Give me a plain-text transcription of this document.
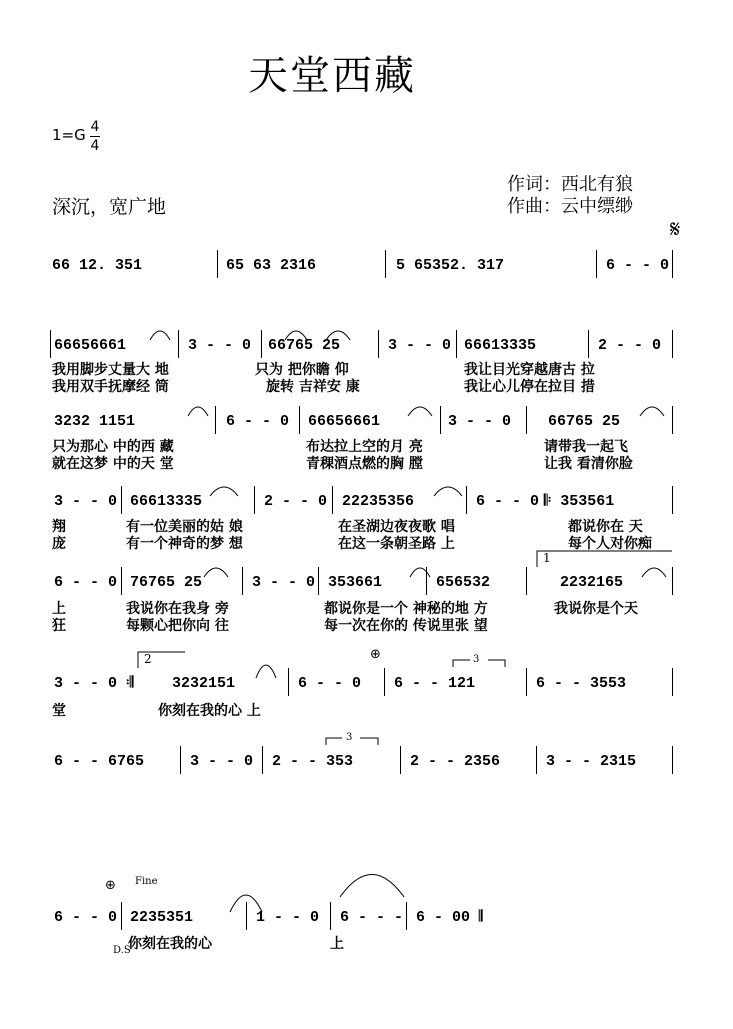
天堂西藏
1=G 4
4
深沉，宽广地
作词：西北有狼
作曲：云中缥缈
𝄋
66 12. 351	65 63 2316	5 65352. 317	6 - - 0
66656661	3 - - 0 66765 25	3 - - 0 66613335	2 - - 0
我用脚步丈量大 地	只为 把你瞻 仰	我让目光穿越唐古 拉
我用双手抚摩经 筒	旋转 吉祥安 康	我让心儿停在拉目 措
3232 1151	6 - - 0 66656661	3 - - 0 66765 25
只为那心 中的西 藏	布达拉上空的月 亮	请带我一起飞
就在这梦 中的天 堂	青稞酒点燃的胸 膛	让我 看清你脸
3 - - 0 66613335	2 - - 0 22235356	6 - - 0 𝄆 353561
翔	有一位美丽的姑 娘	在圣湖边夜夜歌 唱	都说你在 天
庞	有一个神奇的梦 想	在这一条朝圣路 上	每个人对你痴
6 - - 0 76765 25	3 - - 0 353661	656532	2232165
上	我说你在我身 旁	都说你是一个 神秘的地 方	我说你是个天
狂	每颗心把你向 往	每一次在你的 传说里张 望
3 - - 0 𝄇	3232151	6 - - 0 6 - - 121	6 - - 3553
堂	你刻在我的心 上
6 - - 6765	3 - - 0 2 - - 353	2 - - 2356	3 - - 2315
6 - - 0 2235351	1 - - 0 6 - - - 6 - 00 𝄂
你刻在我的心	上
⊕
⊕ Fine
D.S
1
2	3
3
